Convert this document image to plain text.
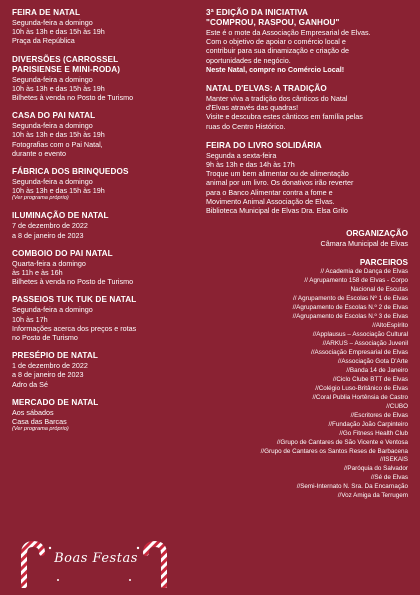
FEIRA DE NATAL
Segunda-feira a domingo
10h às 13h e das 15h às 19h
Praça da República
DIVERSÕES (CARROSSEL
PARISIENSE E MINI-RODA)
Segunda-feira a domingo
10h às 13h e das 15h às 19h
Bilhetes à venda no Posto de Turismo
CASA DO PAI NATAL
Segunda-feira a domingo
10h às 13h e das 15h às 19h
Fotografias com o Pai Natal,
durante o evento
FÁBRICA DOS BRINQUEDOS
Segunda-feira a domingo
10h às 13h e das 15h às 19h
(Ver programa próprio)
ILUMINAÇÃO DE NATAL
7 de dezembro de 2022
a 8 de janeiro de 2023
COMBOIO DO PAI NATAL
Quarta-feira a domingo
às 11h e às 16h
Bilhetes à venda no Posto de Turismo
PASSEIOS TUK TUK DE NATAL
Segunda-feira a domingo
10h às 17h
Informações acerca dos preços e rotas
no Posto de Turismo
PRESÉPIO DE NATAL
1 de dezembro de 2022
a 8 de janeiro de 2023
Adro da Sé
MERCADO DE NATAL
Aos sábados
Casa das Barcas
(Ver programa próprio)
3ª EDIÇÃO DA INICIATIVA
"COMPROU, RASPOU, GANHOU"
Este é o mote da Associação Empresarial de Elvas.
Com o objetivo de apoiar o comércio local e
contribuir para sua dinamização e criação de
oportunidades de negócio.
Neste Natal, compre no Comércio Local!
NATAL D'ELVAS: A TRADIÇÃO
Manter viva a tradição dos cânticos do Natal
d'Elvas através das quadras!
Visite e descubra estes cânticos em família pelas
ruas do Centro Histórico.
FEIRA DO LIVRO SOLIDÁRIA
Segunda a sexta-feira
9h às 13h e das 14h às 17h
Troque um bem alimentar ou de alimentação
animal por um livro. Os donativos irão reverter
para o Banco Alimentar contra a fome e
Movimento Animal Associação de Elvas.
Biblioteca Municipal de Elvas Dra. Elsa Grilo
ORGANIZAÇÃO
Câmara Municipal de Elvas
PARCEIROS
// Academia de Dança de Elvas
// Agrupamento 158 de Elvas - Corpo
Nacional de Escutas
// Agrupamento de Escolas Nº 1 de Elvas
//Agrupamento de Escolas N.º 2 de Elvas
//Agrupamento de Escolas N.º 3 de Elvas
//AltoEspírito
//Applausus – Associação Cultural
//ARKUS – Associação Juvenil
//Associação Empresarial de Elvas
//Associação Gota D'Arte
//Banda 14 de Janeiro
//Ciclo Clube BTT de Elvas
//Colégio Luso-Britânico de Elvas
//Coral Publia Hortênsia de Castro
//CUBO
//Escritores de Elvas
//Fundação João Carpinteiro
//Go Fitness Health Club
//Grupo de Cantares de São Vicente e Ventosa
//Grupo de Cantares os Santos Reses de Barbacena
//ISEKAIS
//Paróquia do Salvador
//Sé de Elvas
//Semi-Internato N. Sra. Da Encarnação
//Voz Amiga da Terrugem
Boas Festas
